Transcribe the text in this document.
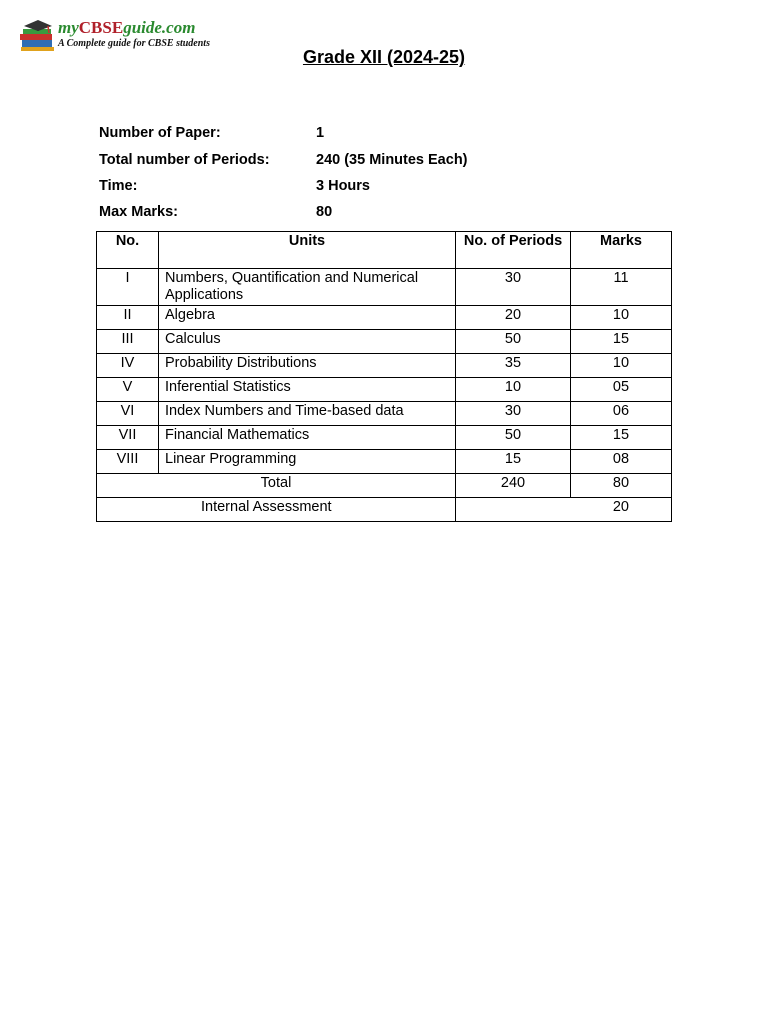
myCBSEguide.com
A Complete guide for CBSE students
Grade XII (2024-25)
Number of Paper:	1
Total number of Periods:	240 (35 Minutes Each)
Time:	3 Hours
Max Marks:	80
No.	Units	No. of Periods	Marks
I	Numbers, Quantification and Numerical Applications	30	11
II	Algebra	20	10
III	Calculus	50	15
IV	Probability Distributions	35	10
V	Inferential Statistics	10	05
VI	Index Numbers and Time-based data	30	06
VII	Financial Mathematics	50	15
VIII	Linear Programming	15	08
Total		240	80
Internal Assessment		20	
